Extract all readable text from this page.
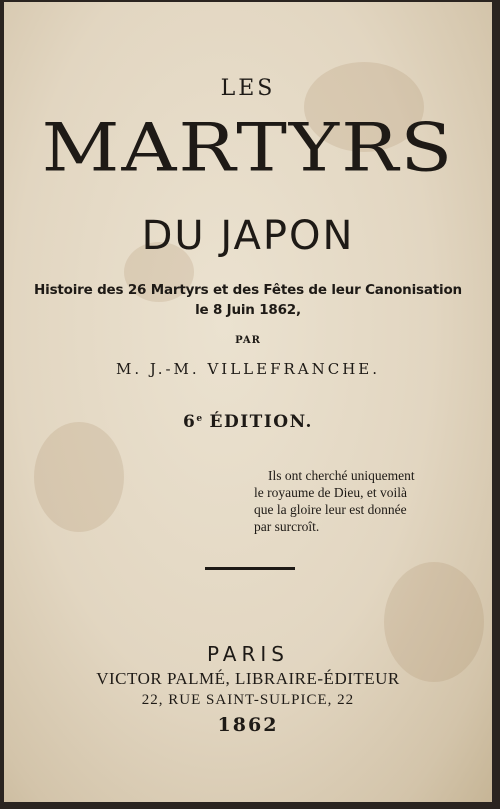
LES
MARTYRS
DU JAPON
Histoire des 26 Martyrs et des Fêtes de leur Canonisation
le 8 Juin 1862,
PAR
M. J.-M. VILLEFRANCHE.
6e ÉDITION.
Ils ont cherché uniquement
le royaume de Dieu, et voilà
que la gloire leur est donnée
par surcroît.
PARIS
VICTOR PALMÉ, LIBRAIRE-ÉDITEUR
22, RUE SAINT-SULPICE, 22
1862
